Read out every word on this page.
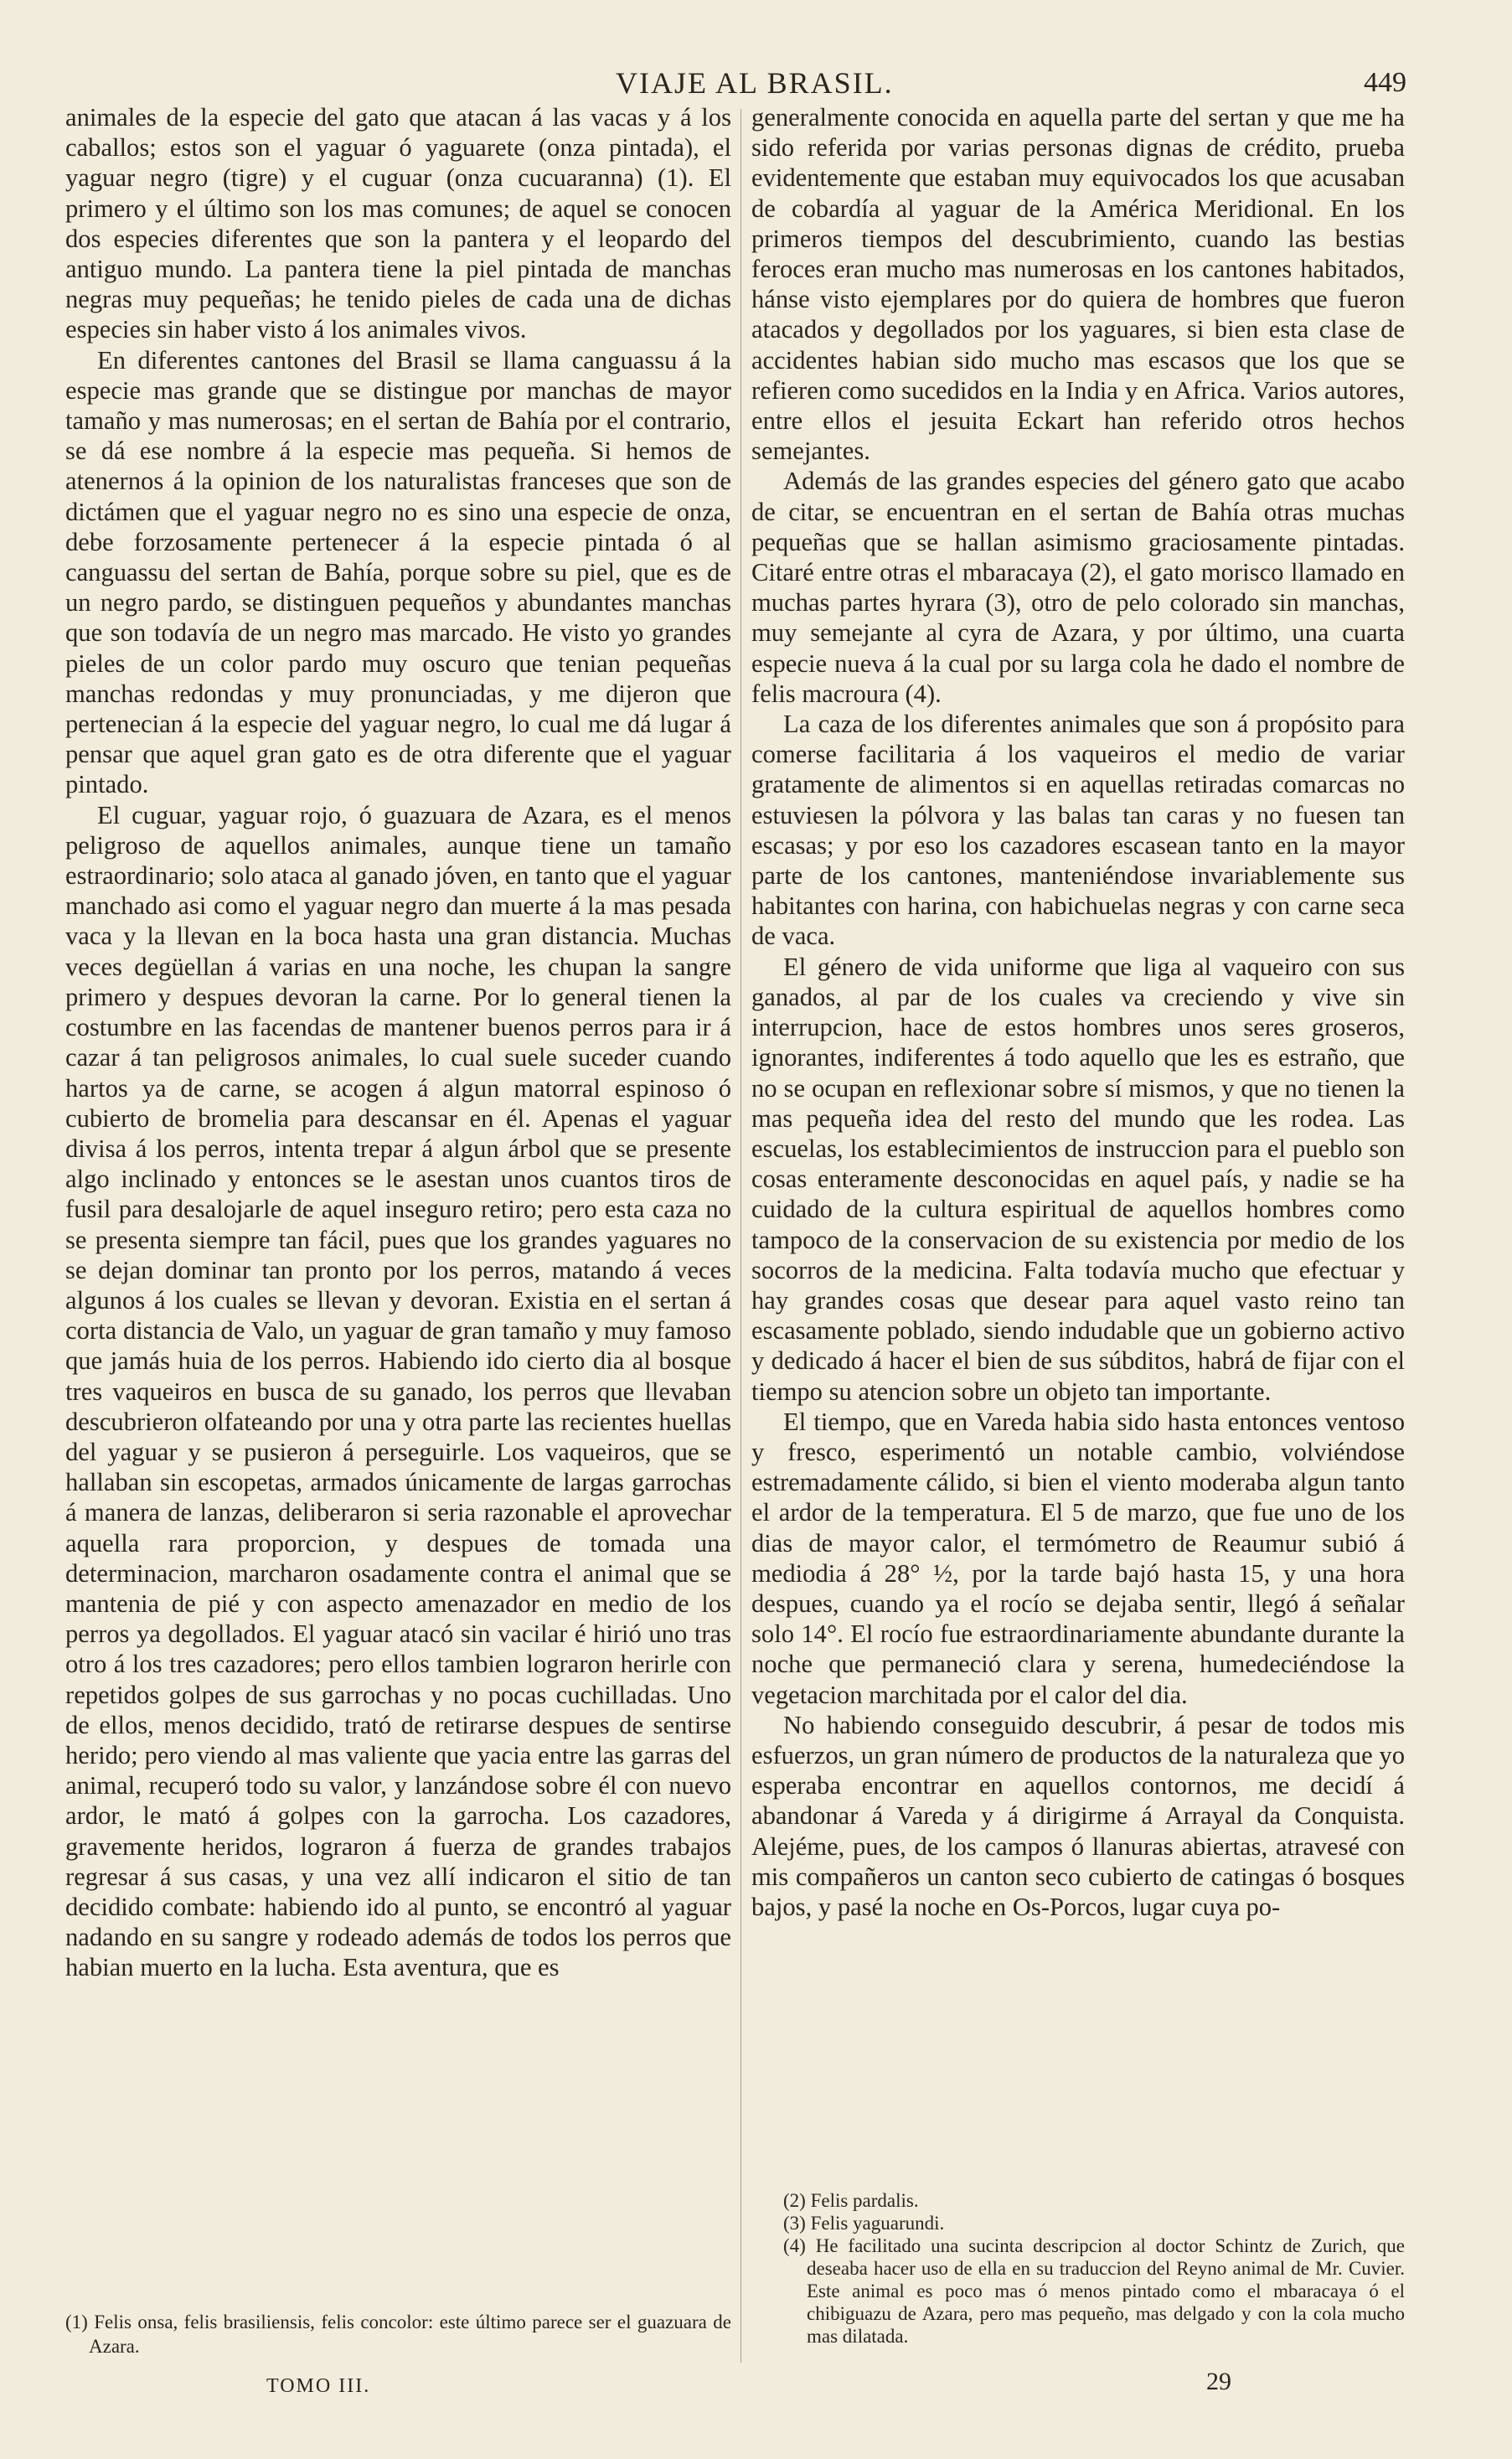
VIAJE AL BRASIL.	449

animales de la especie del gato que atacan á las vacas y á los caballos; estos son el yaguar ó yaguarete (onza pintada), el yaguar negro (tigre) y el cuguar (onza cucuaranna) (1). El primero y el último son los mas comunes; de aquel se conocen dos especies diferentes que son la pantera y el leopardo del antiguo mundo. La pantera tiene la piel pintada de manchas negras muy pequeñas; he tenido pieles de cada una de dichas especies sin haber visto á los animales vivos.

En diferentes cantones del Brasil se llama canguassu á la especie mas grande que se distingue por manchas de mayor tamaño y mas numerosas; en el sertan de Bahía por el contrario, se dá ese nombre á la especie mas pequeña. Si hemos de atenernos á la opinion de los naturalistas franceses que son de dictámen que el yaguar negro no es sino una especie de onza, debe forzosamente pertenecer á la especie pintada ó al canguassu del sertan de Bahía, porque sobre su piel, que es de un negro pardo, se distinguen pequeños y abundantes manchas que son todavía de un negro mas marcado. He visto yo grandes pieles de un color pardo muy oscuro que tenian pequeñas manchas redondas y muy pronunciadas, y me dijeron que pertenecian á la especie del yaguar negro, lo cual me dá lugar á pensar que aquel gran gato es de otra diferente que el yaguar pintado.

El cuguar, yaguar rojo, ó guazuara de Azara, es el menos peligroso de aquellos animales, aunque tiene un tamaño estraordinario; solo ataca al ganado jóven, en tanto que el yaguar manchado asi como el yaguar negro dan muerte á la mas pesada vaca y la llevan en la boca hasta una gran distancia. Muchas veces degüellan á varias en una noche, les chupan la sangre primero y despues devoran la carne. Por lo general tienen la costumbre en las facendas de mantener buenos perros para ir á cazar á tan peligrosos animales, lo cual suele suceder cuando hartos ya de carne, se acogen á algun matorral espinoso ó cubierto de bromelia para descansar en él. Apenas el yaguar divisa á los perros, intenta trepar á algun árbol que se presente algo inclinado y entonces se le asestan unos cuantos tiros de fusil para desalojarle de aquel inseguro retiro; pero esta caza no se presenta siempre tan fácil, pues que los grandes yaguares no se dejan dominar tan pronto por los perros, matando á veces algunos á los cuales se llevan y devoran. Existia en el sertan á corta distancia de Valo, un yaguar de gran tamaño y muy famoso que jamás huia de los perros. Habiendo ido cierto dia al bosque tres vaqueiros en busca de su ganado, los perros que llevaban descubrieron olfateando por una y otra parte las recientes huellas del yaguar y se pusieron á perseguirle. Los vaqueiros, que se hallaban sin escopetas, armados únicamente de largas garrochas á manera de lanzas, deliberaron si seria razonable el aprovechar aquella rara proporcion, y despues de tomada una determinacion, marcharon osadamente contra el animal que se mantenia de pié y con aspecto amenazador en medio de los perros ya degollados. El yaguar atacó sin vacilar é hirió uno tras otro á los tres cazadores; pero ellos tambien lograron herirle con repetidos golpes de sus garrochas y no pocas cuchilladas. Uno de ellos, menos decidido, trató de retirarse despues de sentirse herido; pero viendo al mas valiente que yacia entre las garras del animal, recuperó todo su valor, y lanzándose sobre él con nuevo ardor, le mató á golpes con la garrocha. Los cazadores, gravemente heridos, lograron á fuerza de grandes trabajos regresar á sus casas, y una vez allí indicaron el sitio de tan decidido combate: habiendo ido al punto, se encontró al yaguar nadando en su sangre y rodeado además de todos los perros que habian muerto en la lucha. Esta aventura, que es

generalmente conocida en aquella parte del sertan y que me ha sido referida por varias personas dignas de crédito, prueba evidentemente que estaban muy equivocados los que acusaban de cobardía al yaguar de la América Meridional. En los primeros tiempos del descubrimiento, cuando las bestias feroces eran mucho mas numerosas en los cantones habitados, hánse visto ejemplares por do quiera de hombres que fueron atacados y degollados por los yaguares, si bien esta clase de accidentes habian sido mucho mas escasos que los que se refieren como sucedidos en la India y en Africa. Varios autores, entre ellos el jesuita Eckart han referido otros hechos semejantes.

Además de las grandes especies del género gato que acabo de citar, se encuentran en el sertan de Bahía otras muchas pequeñas que se hallan asimismo graciosamente pintadas. Citaré entre otras el mbaracaya (2), el gato morisco llamado en muchas partes hyrara (3), otro de pelo colorado sin manchas, muy semejante al cyra de Azara, y por último, una cuarta especie nueva á la cual por su larga cola he dado el nombre de felis macroura (4).

La caza de los diferentes animales que son á propósito para comerse facilitaria á los vaqueiros el medio de variar gratamente de alimentos si en aquellas retiradas comarcas no estuviesen la pólvora y las balas tan caras y no fuesen tan escasas; y por eso los cazadores escasean tanto en la mayor parte de los cantones, manteniéndose invariablemente sus habitantes con harina, con habichuelas negras y con carne seca de vaca.

El género de vida uniforme que liga al vaqueiro con sus ganados, al par de los cuales va creciendo y vive sin interrupcion, hace de estos hombres unos seres groseros, ignorantes, indiferentes á todo aquello que les es estraño, que no se ocupan en reflexionar sobre sí mismos, y que no tienen la mas pequeña idea del resto del mundo que les rodea. Las escuelas, los establecimientos de instruccion para el pueblo son cosas enteramente desconocidas en aquel país, y nadie se ha cuidado de la cultura espiritual de aquellos hombres como tampoco de la conservacion de su existencia por medio de los socorros de la medicina. Falta todavía mucho que efectuar y hay grandes cosas que desear para aquel vasto reino tan escasamente poblado, siendo indudable que un gobierno activo y dedicado á hacer el bien de sus súbditos, habrá de fijar con el tiempo su atencion sobre un objeto tan importante.

El tiempo, que en Vareda habia sido hasta entonces ventoso y fresco, esperimentó un notable cambio, volviéndose estremadamente cálido, si bien el viento moderaba algun tanto el ardor de la temperatura. El 5 de marzo, que fue uno de los dias de mayor calor, el termómetro de Reaumur subió á mediodia á 28° ½, por la tarde bajó hasta 15, y una hora despues, cuando ya el rocío se dejaba sentir, llegó á señalar solo 14°. El rocío fue estraordinariamente abundante durante la noche que permaneció clara y serena, humedeciéndose la vegetacion marchitada por el calor del dia.

No habiendo conseguido descubrir, á pesar de todos mis esfuerzos, un gran número de productos de la naturaleza que yo esperaba encontrar en aquellos contornos, me decidí á abandonar á Vareda y á dirigirme á Arrayal da Conquista. Alejéme, pues, de los campos ó llanuras abiertas, atravesé con mis compañeros un canton seco cubierto de catingas ó bosques bajos, y pasé la noche en Os-Porcos, lugar cuya po-

(1) Felis onsa, felis brasiliensis, felis concolor: este último parece ser el guazuara de Azara.

(2) Felis pardalis.

(3) Felis yaguarundi.

(4) He facilitado una sucinta descripcion al doctor Schintz de Zurich, que deseaba hacer uso de ella en su traduccion del Reyno animal de Mr. Cuvier. Este animal es poco mas ó menos pintado como el mbaracaya ó el chibiguazu de Azara, pero mas pequeño, mas delgado y con la cola mucho mas dilatada.

TOMO III.	29
